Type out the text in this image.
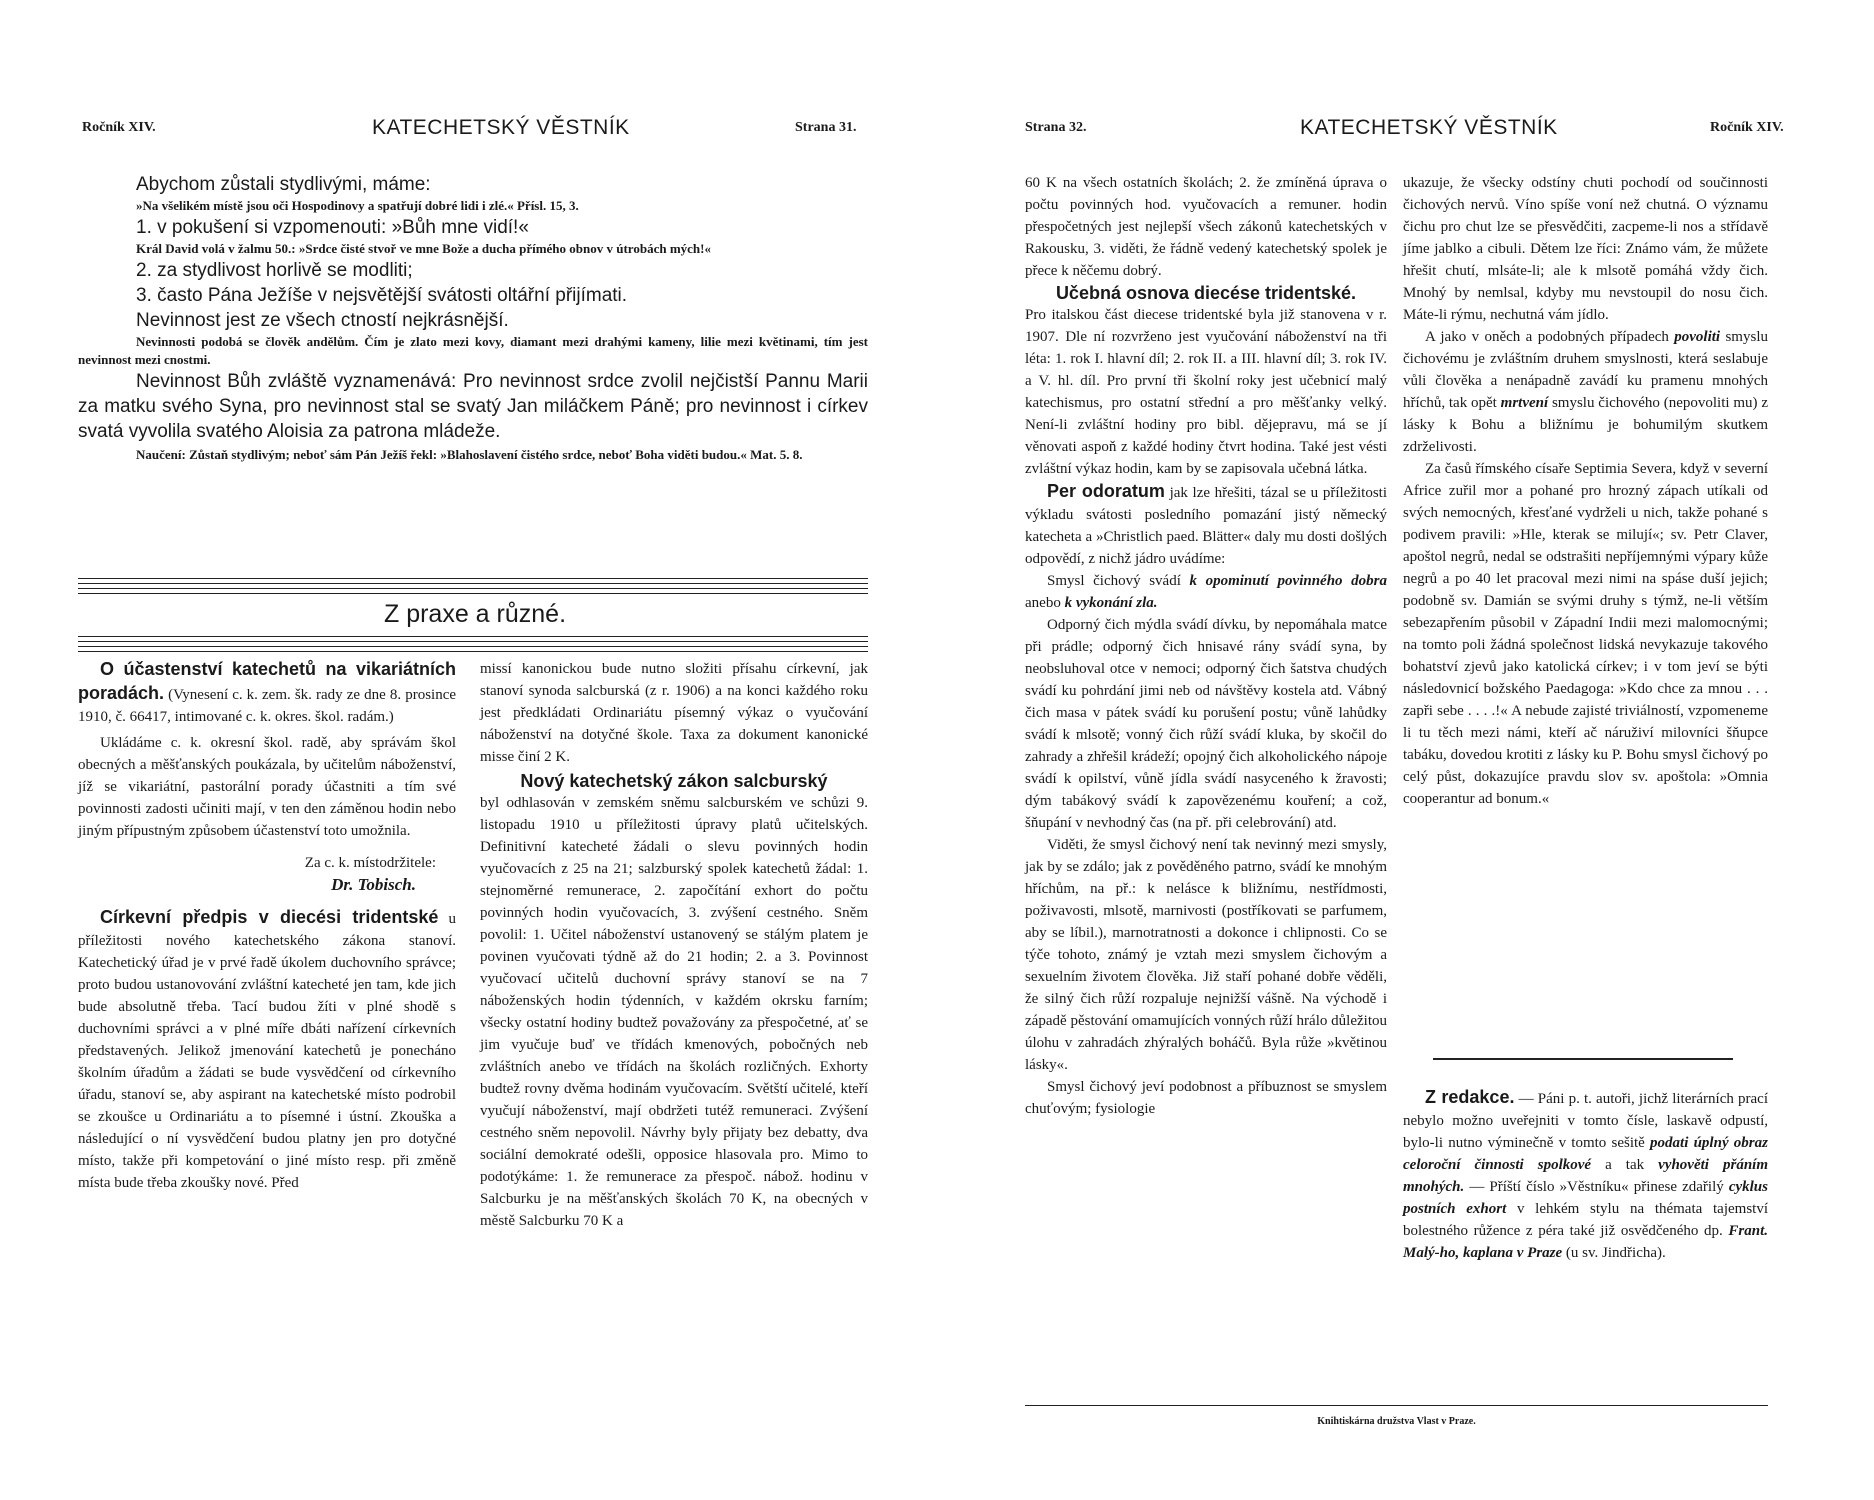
Ročník XIV.	KATECHETSKÝ VĚSTNÍK	Strana 31.

Abychom zůstali stydlivými, máme:

»Na všelikém místě jsou oči Hospodinovy a spatřují dobré lidi i zlé.« Přísl. 15, 3.

1. v pokušení si vzpomenouti: »Bůh mne vidí!«

Král David volá v žalmu 50.: »Srdce čisté stvoř ve mne Bože a ducha přímého obnov v útrobách mých!«

2. za stydlivost horlivě se modliti;

3. často Pána Ježíše v nejsvětější svátosti oltářní přijímati.

Nevinnost jest ze všech ctností nejkrásnější.

Nevinnosti podobá se člověk andělům. Čím je zlato mezi kovy, diamant mezi drahými kameny, lilie mezi květinami, tím jest nevinnost mezi cnostmi.

Nevinnost Bůh zvláště vyznamenává: Pro nevinnost srdce zvolil nejčistší Pannu Marii za matku svého Syna, pro nevinnost stal se svatý Jan miláčkem Páně; pro nevinnost i církev svatá vyvolila svatého Aloisia za patrona mládeže.

Naučení: Zůstaň stydlivým; neboť sám Pán Ježíš řekl: »Blahoslavení čistého srdce, neboť Boha viděti budou.« Mat. 5. 8.

Z praxe a různé.

O účastenství katechetů na vikariátních poradách. (Vynesení c. k. zem. šk. rady ze dne 8. prosince 1910, č. 66417, intimované c. k. okres. škol. radám.)

Ukládáme c. k. okresní škol. radě, aby správám škol obecných a měšťanských poukázala, by učitelům náboženství, jíž se vikariátní, pastorální porady účastniti a tím své povinnosti zadosti učiniti mají, v ten den záměnou hodin nebo jiným přípustným způsobem účastenství toto umožnila.

Za c. k. místodržitele:

Dr. Tobisch.

Církevní předpis v diecési tridentské u příležitosti nového katechetského zákona stanoví. Katechetický úřad je v prvé řadě úkolem duchovního správce; proto budou ustanovování zvláštní katecheté jen tam, kde jich bude absolutně třeba. Tací budou žíti v plné shodě s duchovními správci a v plné míře dbáti nařízení církevních představených. Jelikož jmenování katechetů je ponecháno školním úřadům a žádati se bude vysvědčení od církevního úřadu, stanoví se, aby aspirant na katechetské místo podrobil se zkoušce u Ordinariátu a to písemné i ústní. Zkouška a následující o ní vysvědčení budou platny jen pro dotyčné místo, takže při kompetování o jiné místo resp. při změně místa bude třeba zkoušky nové. Před

missí kanonickou bude nutno složiti přísahu církevní, jak stanoví synoda salcburská (z r. 1906) a na konci každého roku jest předkládati Ordinariátu písemný výkaz o vyučování náboženství na dotyčné škole. Taxa za dokument kanonické misse činí 2 K.

Nový katechetský zákon salcburský

byl odhlasován v zemském sněmu salcburském ve schůzi 9. listopadu 1910 u příležitosti úpravy platů učitelských. Definitivní katecheté žádali o slevu povinných hodin vyučovacích z 25 na 21; salzburský spolek katechetů žádal: 1. stejnoměrné remunerace, 2. započítání exhort do počtu povinných hodin vyučovacích, 3. zvýšení cestného. Sněm povolil: 1. Učitel náboženství ustanovený se stálým platem je povinen vyučovati týdně až do 21 hodin; 2. a 3. Povinnost vyučovací učitelů duchovní správy stanoví se na 7 náboženských hodin týdenních, v každém okrsku farním; všecky ostatní hodiny budtež považovány za přespočetné, ať se jim vyučuje buď ve třídách kmenových, pobočných neb zvláštních anebo ve třídách na školách rozličných. Exhorty budtež rovny dvěma hodinám vyučovacím. Světští učitelé, kteří vyučují náboženství, mají obdržeti tutéž remuneraci. Zvýšení cestného sněm nepovolil. Návrhy byly přijaty bez debatty, dva sociální demokraté odešli, opposice hlasovala pro. Mimo to podotýkáme: 1. že remunerace za přespoč. nábož. hodinu v Salcburku je na měšťanských školách 70 K, na obecných v městě Salcburku 70 K a

Strana 32.	KATECHETSKÝ VĚSTNÍK	Ročník XIV.

60 K na všech ostatních školách; 2. že zmíněná úprava o počtu povinných hod. vyučovacích a remuner. hodin přespočetných jest nejlepší všech zákonů katechetských v Rakousku, 3. viděti, že řádně vedený katechetský spolek je přece k něčemu dobrý.

Učebná osnova diecése tridentské.

Pro italskou část diecese tridentské byla již stanovena v r. 1907. Dle ní rozvrženo jest vyučování náboženství na tři léta: 1. rok I. hlavní díl; 2. rok II. a III. hlavní díl; 3. rok IV. a V. hl. díl. Pro první tři školní roky jest učebnicí malý katechismus, pro ostatní střední a pro měšťanky velký. Není-li zvláštní hodiny pro bibl. dějepravu, má se jí věnovati aspoň z každé hodiny čtvrt hodina. Také jest vésti zvláštní výkaz hodin, kam by se zapisovala učebná látka.

Per odoratum jak lze hřešiti, tázal se u příležitosti výkladu svátosti posledního pomazání jistý německý katecheta a »Christlich paed. Blätter« daly mu dosti došlých odpovědí, z nichž jádro uvádíme:

Smysl čichový svádí k opominutí povinného dobra anebo k vykonání zla.

Odporný čich mýdla svádí dívku, by nepomáhala matce při prádle; odporný čich hnisavé rány svádí syna, by neobsluhoval otce v nemoci; odporný čich šatstva chudých svádí ku pohrdání jimi neb od návštěvy kostela atd. Vábný čich masa v pátek svádí ku porušení postu; vůně lahůdky svádí k mlsotě; vonný čich růží svádí kluka, by skočil do zahrady a zhřešil krádeží; opojný čich alkoholického nápoje svádí k opilství, vůně jídla svádí nasyceného k žravosti; dým tabákový svádí k zapovězenému kouření; a což, šňupání v nevhodný čas (na př. při celebrování) atd.

Viděti, že smysl čichový není tak nevinný mezi smysly, jak by se zdálo; jak z pověděného patrno, svádí ke mnohým hříchům, na př.: k nelásce k bližnímu, nestřídmosti, poživavosti, mlsotě, marnivosti (postříkovati se parfumem, aby se líbil.), marnotratnosti a dokonce i chlipnosti. Co se týče tohoto, známý je vztah mezi smyslem čichovým a sexuelním životem člověka. Již staří pohané dobře věděli, že silný čich růží rozpaluje nejnižší vášně. Na východě i západě pěstování omamujících vonných růží hrálo důležitou úlohu v zahradách zhýralých boháčů. Byla růže »květinou lásky«.

Smysl čichový jeví podobnost a příbuznost se smyslem chuťovým; fysiologie

ukazuje, že všecky odstíny chuti pochodí od součinnosti čichových nervů. Víno spíše voní než chutná. O významu čichu pro chut lze se přesvědčiti, zacpeme-li nos a střídavě jíme jablko a cibuli. Dětem lze říci: Známo vám, že můžete hřešit chutí, mlsáte-li; ale k mlsotě pomáhá vždy čich. Mnohý by nemlsal, kdyby mu nevstoupil do nosu čich. Máte-li rýmu, nechutná vám jídlo.

A jako v oněch a podobných případech povoliti smyslu čichovému je zvláštním druhem smyslnosti, která seslabuje vůli člověka a nenápadně zavádí ku pramenu mnohých hříchů, tak opět mrtvení smyslu čichového (nepovoliti mu) z lásky k Bohu a bližnímu je bohumilým skutkem zdrželivosti.

Za časů římského císaře Septimia Severa, když v severní Africe zuřil mor a pohané pro hrozný zápach utíkali od svých nemocných, křesťané vydrželi u nich, takže pohané s podivem pravili: »Hle, kterak se milují«; sv. Petr Claver, apoštol negrů, nedal se odstrašiti nepříjemnými výpary kůže negrů a po 40 let pracoval mezi nimi na spáse duší jejich; podobně sv. Damián se svými druhy s týmž, ne-li větším sebezapřením působil v Západní Indii mezi malomocnými; na tomto poli žádná společnost lidská nevykazuje takového bohatství zjevů jako katolická církev; i v tom jeví se býti následovnicí božského Paedagoga: »Kdo chce za mnou . . . zapři sebe . . . .!« A nebude zajisté triviálností, vzpomeneme li tu těch mezi námi, kteří ač náruživí milovníci šňupce tabáku, dovedou krotiti z lásky ku P. Bohu smysl čichový po celý půst, dokazujíce pravdu slov sv. apoštola: »Omnia cooperantur ad bonum.«

Z redakce. — Páni p. t. autoři, jichž literárních prací nebylo možno uveřejniti v tomto čísle, laskavě odpustí, bylo-li nutno výminečně v tomto sešitě podati úplný obraz celoroční činnosti spolkové a tak vyhověti přáním mnohých. — Příští číslo »Věstníku« přinese zdařilý cyklus postních exhort v lehkém stylu na thémata tajemství bolestného růžence z péra také již osvědčeného dp. Frant. Malý-ho, kaplana v Praze (u sv. Jindřicha).

Knihtiskárna družstva Vlast v Praze.
